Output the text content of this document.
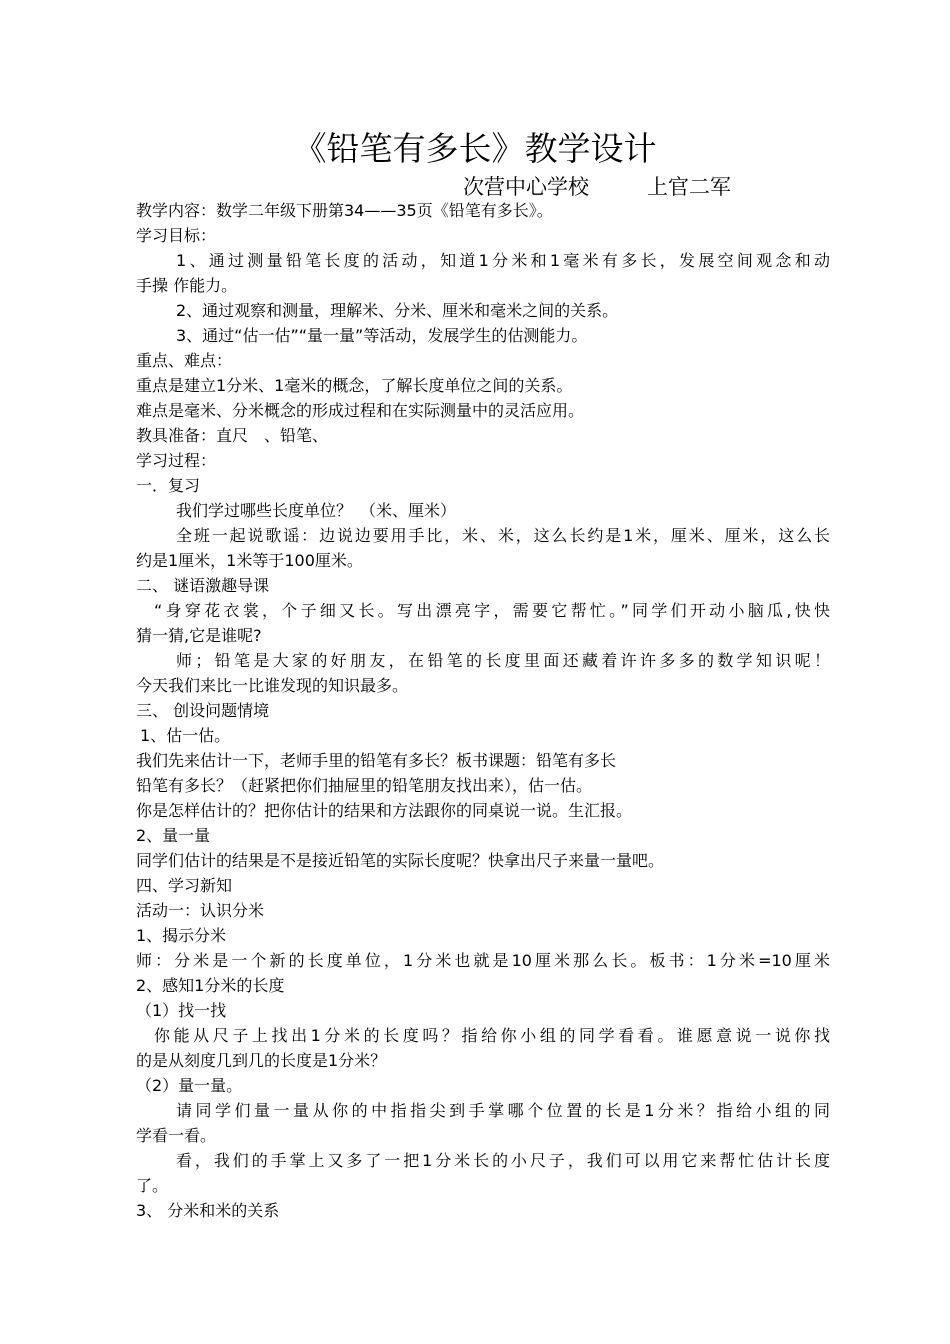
《铅笔有多长》教学设计
次营中心学校	上官二军

教学内容：数学二年级下册第34——35页《铅笔有多长》。

学习目标：

1、通过测量铅笔长度的活动，知道1分米和1毫米有多长，发展空间观念和动

手操 作能力。

2、通过观察和测量，理解米、分米、厘米和毫米之间的关系。

3、通过“估一估”“量一量”等活动，发展学生的估测能力。

重点、难点：

重点是建立1分米、1毫米的概念，了解长度单位之间的关系。

难点是毫米、分米概念的形成过程和在实际测量中的灵活应用。

教具准备：直尺　、铅笔、

学习过程：

一．复习

我们学过哪些长度单位？　（米、厘米）

全班一起说歌谣：边说边要用手比，米、米，这么长约是1米，厘米、厘米，这么长

约是1厘米，1米等于100厘米。

二、 谜语激趣导课

“身穿花衣裳，个子细又长。写出漂亮字，需要它帮忙。”同学们开动小脑瓜,快快

猜一猜,它是谁呢?

师；铅笔是大家的好朋友，在铅笔的长度里面还藏着许许多多的数学知识呢！

今天我们来比一比谁发现的知识最多。

三、 创设问题情境

1、估一估。

我们先来估计一下，老师手里的铅笔有多长？板书课题：铅笔有多长

铅笔有多长？（赶紧把你们抽屉里的铅笔朋友找出来），估一估。

你是怎样估计的？把你估计的结果和方法跟你的同桌说一说。生汇报。

2、量一量

同学们估计的结果是不是接近铅笔的实际长度呢？快拿出尺子来量一量吧。

四、学习新知

活动一：认识分米

1、揭示分米

师：分米是一个新的长度单位，1分米也就是10厘米那么长。板书：1分米=10厘米

2、感知1分米的长度

（1）找一找

你能从尺子上找出1分米的长度吗？指给你小组的同学看看。谁愿意说一说你找

的是从刻度几到几的长度是1分米？

（2）量一量。

请同学们量一量从你的中指指尖到手掌哪个位置的长是1分米？指给小组的同

学看一看。

看，我们的手掌上又多了一把1分米长的小尺子，我们可以用它来帮忙估计长度

了。

3、 分米和米的关系
